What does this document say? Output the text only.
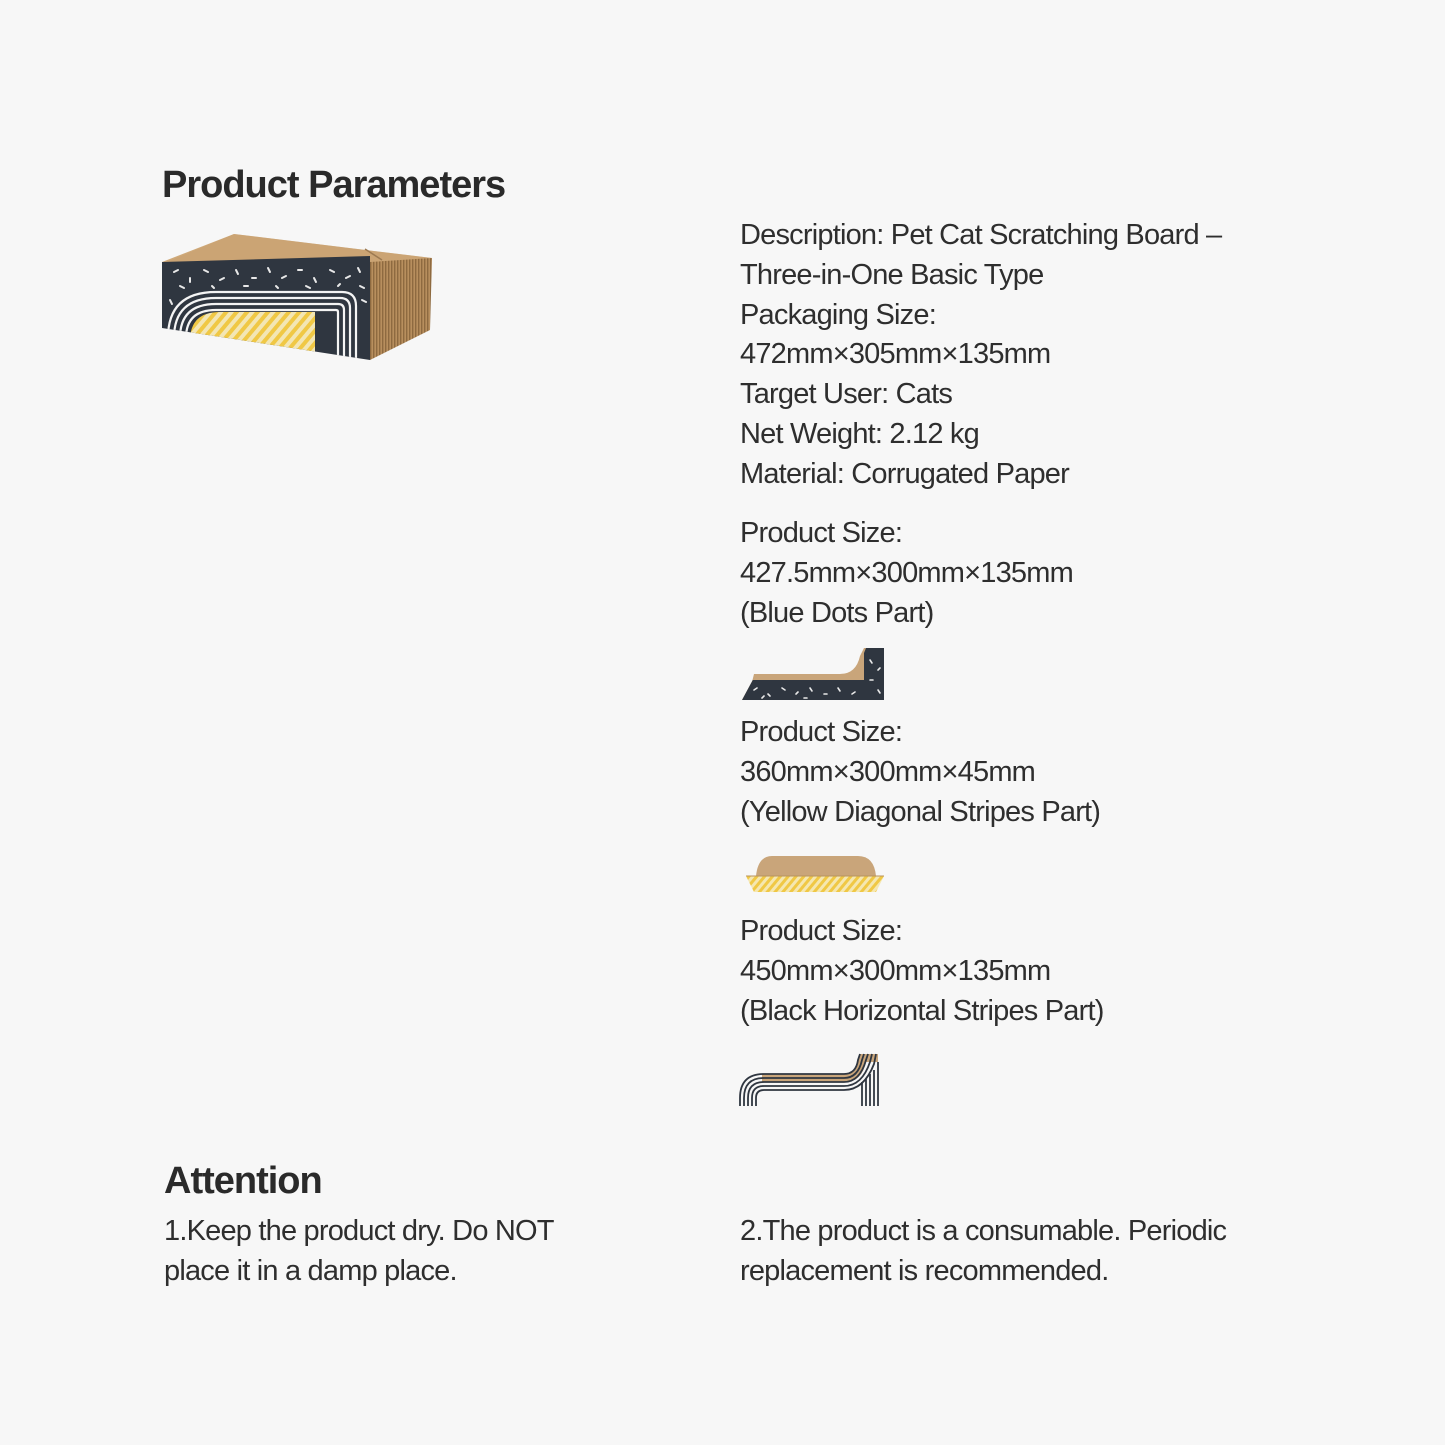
Product Parameters
Attention

Description: Pet Cat Scratching Board –
Three-in-One Basic Type
Packaging Size:
472mm×305mm×135mm
Target User: Cats
Net Weight: 2.12 kg
Material: Corrugated Paper

Product Size:
427.5mm×300mm×135mm
(Blue Dots Part)

Product Size:
360mm×300mm×45mm
(Yellow Diagonal Stripes Part)

Product Size:
450mm×300mm×135mm
(Black Horizontal Stripes Part)

1.Keep the product dry. Do NOT
place it in a damp place.

2.The product is a consumable. Periodic
replacement is recommended.
